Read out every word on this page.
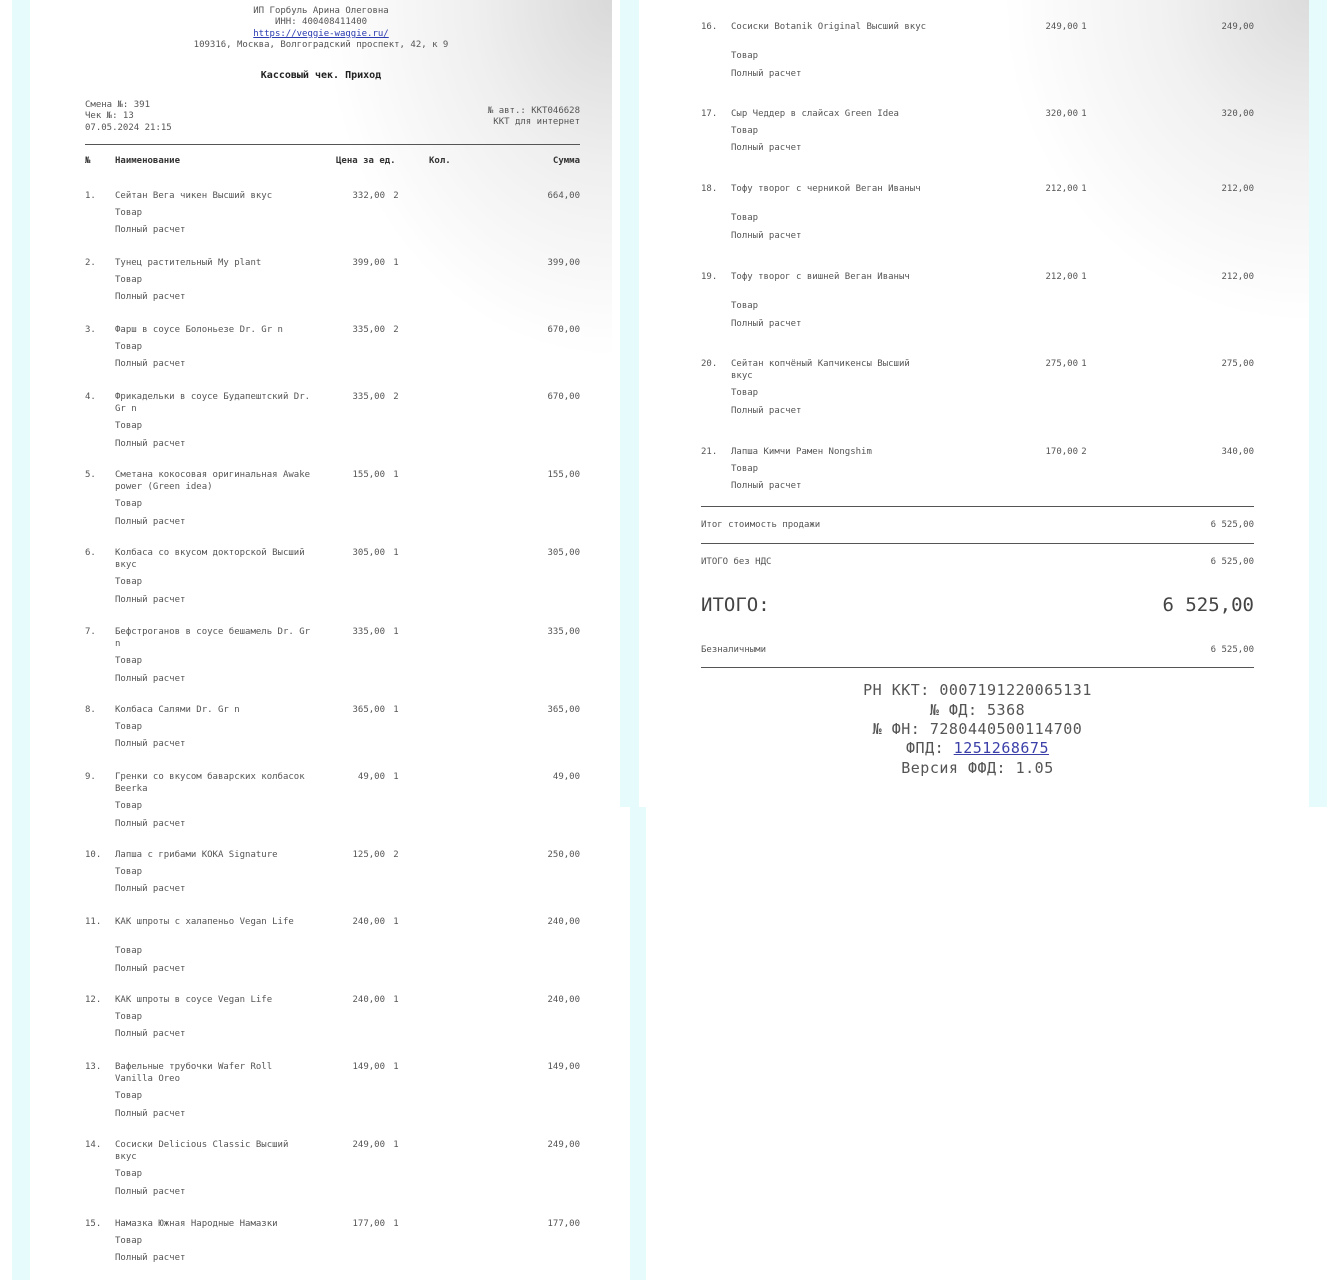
ИП Горбуль Арина Олеговна
ИНН: 400408411400
https://veggie-waggie.ru/
109316, Москва, Волгоградский проспект, 42, к 9
Кассовый чек. Приход
Смена №: 391
Чек №: 13
07.05.2024 21:15
№ авт.: ККТ046628
ККТ для интернет
№	Наименование	Цена за ед.	Кол.	Сумма
Итог стоимость продажи	6 525,00
ИТОГО без НДС	6 525,00
ИТОГО:	6 525,00
Безналичными	6 525,00
РН ККТ: 0007191220065131
№ ФД: 5368
№ ФН: 7280440500114700
ФПД: 1251268675
Версия ФФД: 1.05
1. Сейтан Вега чикен Высший вкус	332,00 2	664,00
Товар
Полный расчет
2. Тунец растительный My plant	399,00 1	399,00
Товар
Полный расчет
3. Фарш в соусе Болоньезе Dr. Gr n	335,00 2	670,00
Товар
Полный расчет
4. Фрикадельки в соусе Будапештский Dr. Gr n
335,00 2	670,00
Товар
Полный расчет
5. Сметана кокосовая оригинальная Awake power (Green idea)
155,00 1	155,00
Товар
Полный расчет
6. Колбаса со вкусом докторской Высший вкус
305,00 1	305,00
Товар
Полный расчет
7. Бефстроганов в соусе бешамель Dr. Gr n
335,00 1	335,00
Товар
Полный расчет
8. Колбаса Салями Dr. Gr n	365,00 1	365,00
Товар
Полный расчет
9. Гренки со вкусом баварских колбасок Beerka
49,00 1	49,00
Товар
Полный расчет
10. Лапша с грибами KOKA Signature	125,00 2	250,00
Товар
Полный расчет
11. КАК шпроты с халапеньо Vegan Life	240,00 1	240,00
Товар
Полный расчет
12. КАК шпроты в соусе Vegan Life	240,00 1	240,00
Товар
Полный расчет
13. Вафельные трубочки Wafer Roll Vanilla Oreo
149,00 1	149,00
Товар
Полный расчет
14. Сосиски Delicious Classic Высший вкус
249,00 1	249,00
Товар
Полный расчет
15. Намазка Южная Народные Намазки	177,00 1	177,00
Товар
Полный расчет
16. Сосиски Botanik Original Высший вкус	249,00 1	249,00
Товар
Полный расчет
17. Сыр Чеддер в слайсах Green Idea	320,00 1	320,00
Товар
Полный расчет
18. Тофу творог с черникой Веган Иваныч	212,00 1	212,00
Товар
Полный расчет
19. Тофу творог с вишней Веган Иваныч	212,00 1	212,00
Товар
Полный расчет
20. Сейтан копчёный Капчикенсы Высший вкус
275,00 1	275,00
Товар
Полный расчет
21. Лапша Кимчи Рамен Nongshim	170,00 2	340,00
Товар
Полный расчет
